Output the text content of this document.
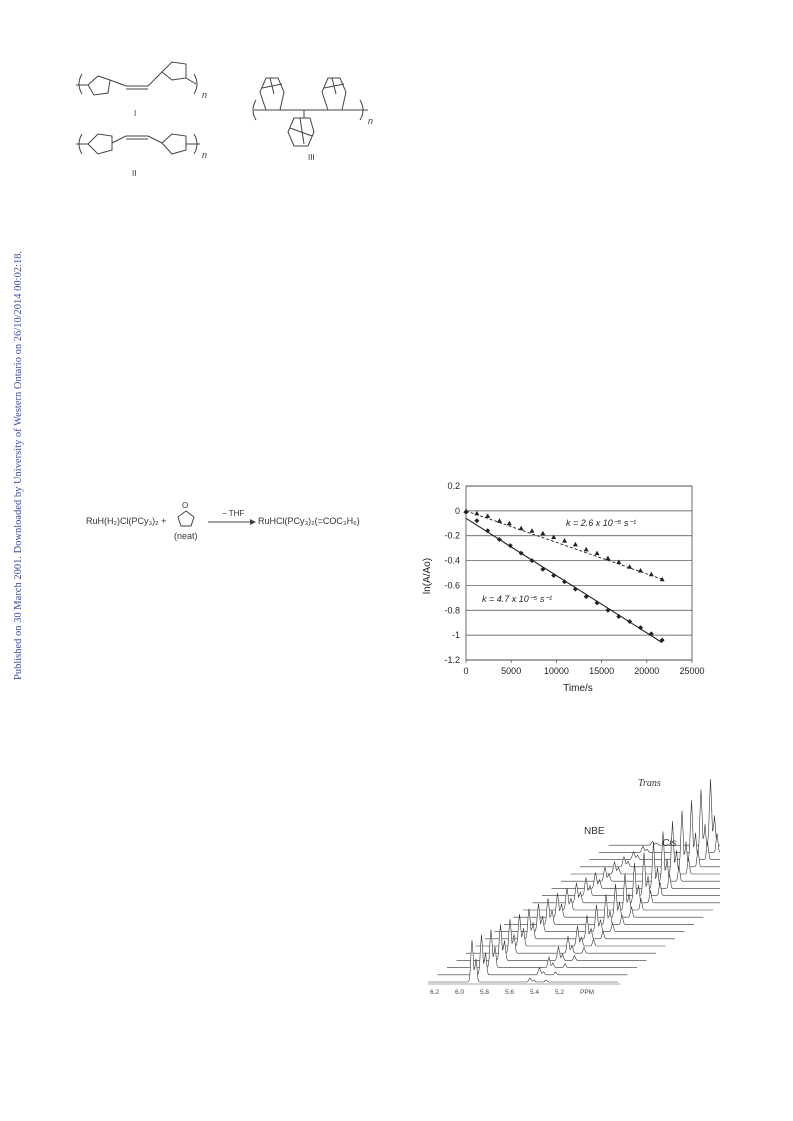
Published on 30 March 2001. Downloaded by University of Western Ontario on 26/10/2014 00:02:18.
n
n
n
I
II
III
RuH(H₂)Cl(PCy₃)₂ +
O
(neat)
− THF
→ RuHCl(PCy₃)₂(=COC₃H₆)
0.2
0
-0.2
-0.4
-0.6
-0.8
-1
-1.2
0	5000	10000 15000 20000 25000
k = 2.6 x 10⁻⁵ s⁻¹
k = 4.7 x 10⁻⁵ s⁻¹
Time/s
ln(A/Ao)
6.2 6.0 5.8 5.6 5.4 5.2 PPM
Trans
NBE
Cis
